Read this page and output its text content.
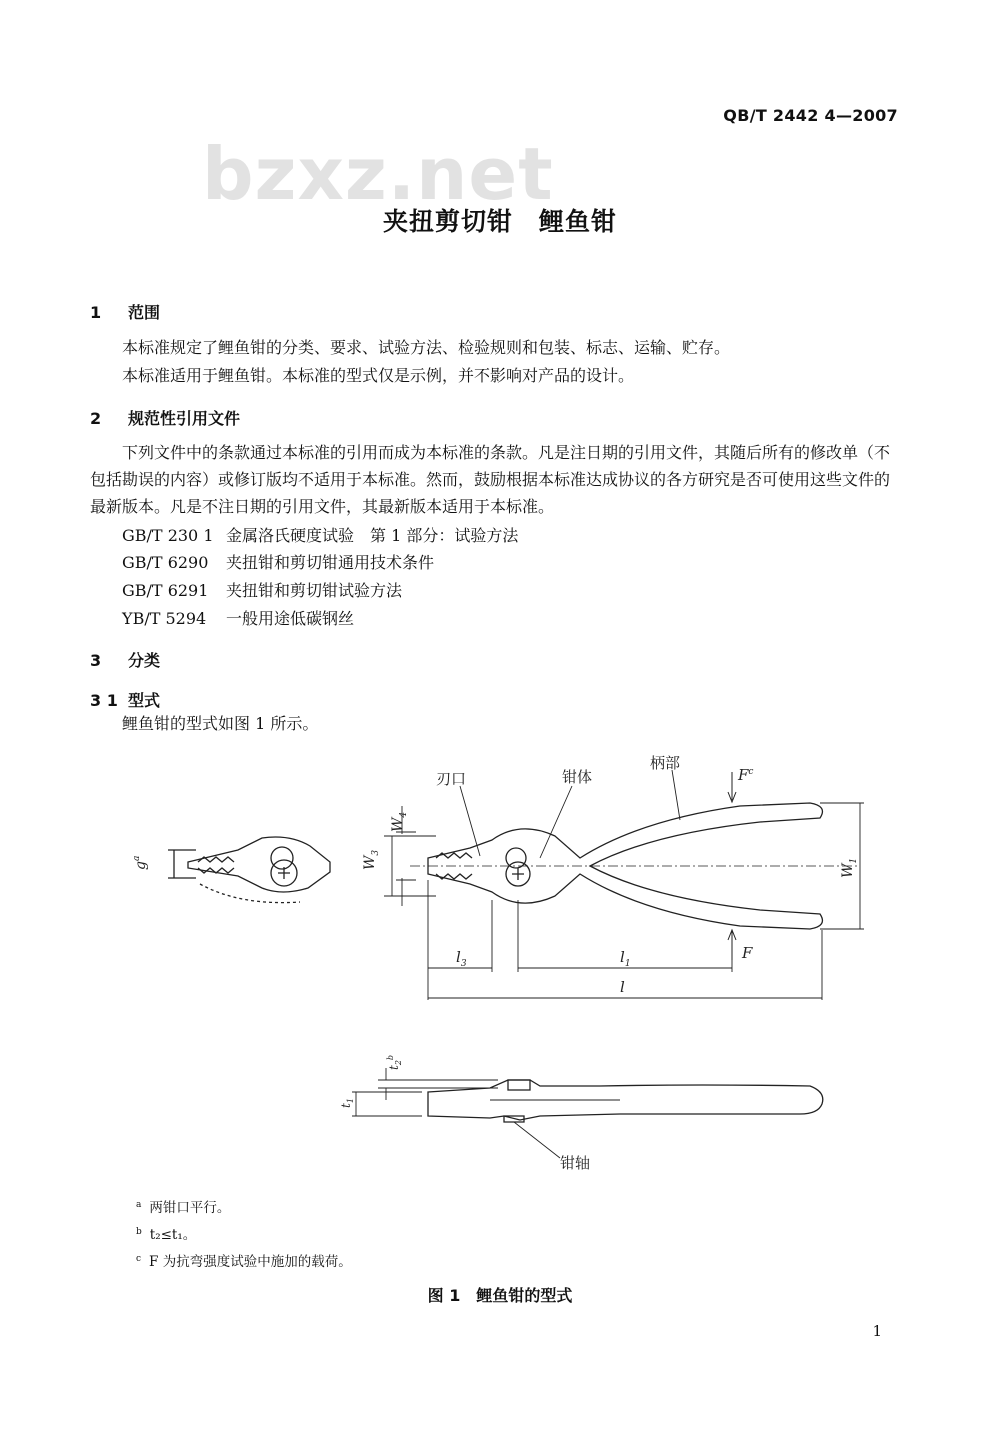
QB/T 2442 4—2007
bzxz.net
夹扭剪切钳　鲤鱼钳
1 范围
本标准规定了鲤鱼钳的分类、要求、试验方法、检验规则和包装、标志、运输、贮存。
本标准适用于鲤鱼钳。本标准的型式仅是示例，并不影响对产品的设计。
2 规范性引用文件
下列文件中的条款通过本标准的引用而成为本标准的条款。凡是注日期的引用文件，其随后所有的修改单（不包括勘误的内容）或修订版均不适用于本标准。然而，鼓励根据本标准达成协议的各方研究是否可使用这些文件的最新版本。凡是不注日期的引用文件，其最新版本适用于本标准。
GB/T 230 1 金属洛氏硬度试验　第 1 部分：试验方法
GB/T 6290 夹扭钳和剪切钳通用技术条件
GB/T 6291 夹扭钳和剪切钳试验方法
YB/T 5294 一般用途低碳钢丝
3 分类
3 1 型式
鲤鱼钳的型式如图 1 所示。
$g^a$
刃口	钳体
柄部
$F^c$
F
$W_3$
$W_4$
$W_1$
$l_3$	$l_1$
l
$t_1$
$t_2^b$
钳轴
$^a$ 两钳口平行。
$^b$ t₂≤t₁。
$^c$ F 为抗弯强度试验中施加的载荷。
图 1　鲤鱼钳的型式
1
